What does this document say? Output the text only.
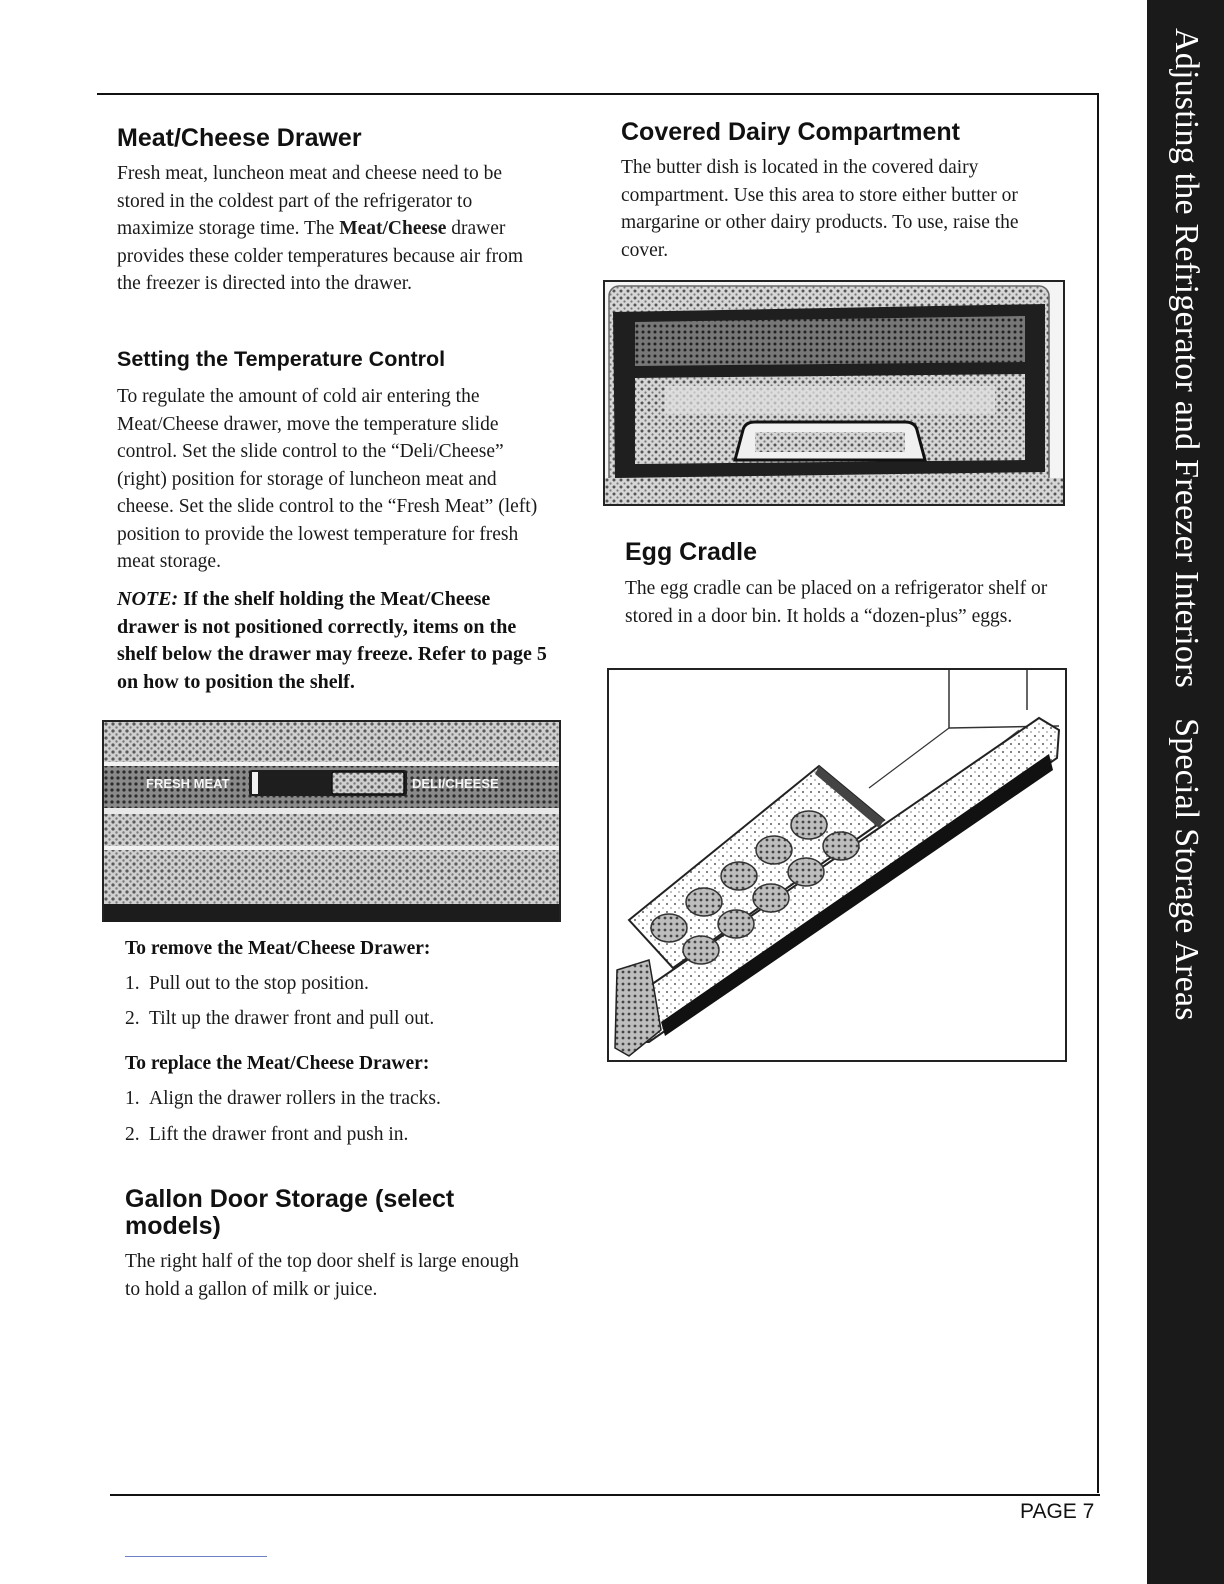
Adjusting the Refrigerator and Freezer InteriorsSpecial Storage Areas
Meat/Cheese Drawer

Fresh meat, luncheon meat and cheese need to be stored in the coldest part of the refrigerator to maximize storage time. The Meat/Cheese drawer provides these colder temperatures because air from the freezer is directed into the drawer.

Setting the Temperature Control

To regulate the amount of cold air entering the Meat/Cheese drawer, move the temperature slide control. Set the slide control to the “Deli/Cheese” (right) position for storage of luncheon meat and cheese. Set the slide control to the “Fresh Meat” (left) position to provide the lowest temperature for fresh meat storage.

NOTE: If the shelf holding the Meat/Cheese drawer is not positioned correctly, items on the shelf below the drawer may freeze. Refer to page 5 on how to position the shelf.
FRESH MEAT	DELI/CHEESE
To remove the Meat/Cheese Drawer:
1. Pull out to the stop position.
2. Tilt up the drawer front and pull out.
To replace the Meat/Cheese Drawer:
1. Align the drawer rollers in the tracks.
2. Lift the drawer front and push in.
Gallon Door Storage (select models)

The right half of the top door shelf is large enough to hold a gallon of milk or juice.

Covered Dairy Compartment

The butter dish is located in the covered dairy compartment. Use this area to store either butter or margarine or other dairy products. To use, raise the cover.

Egg Cradle

The egg cradle can be placed on a refrigerator shelf or stored in a door bin. It holds a “dozen-plus” eggs.

PAGE 7
